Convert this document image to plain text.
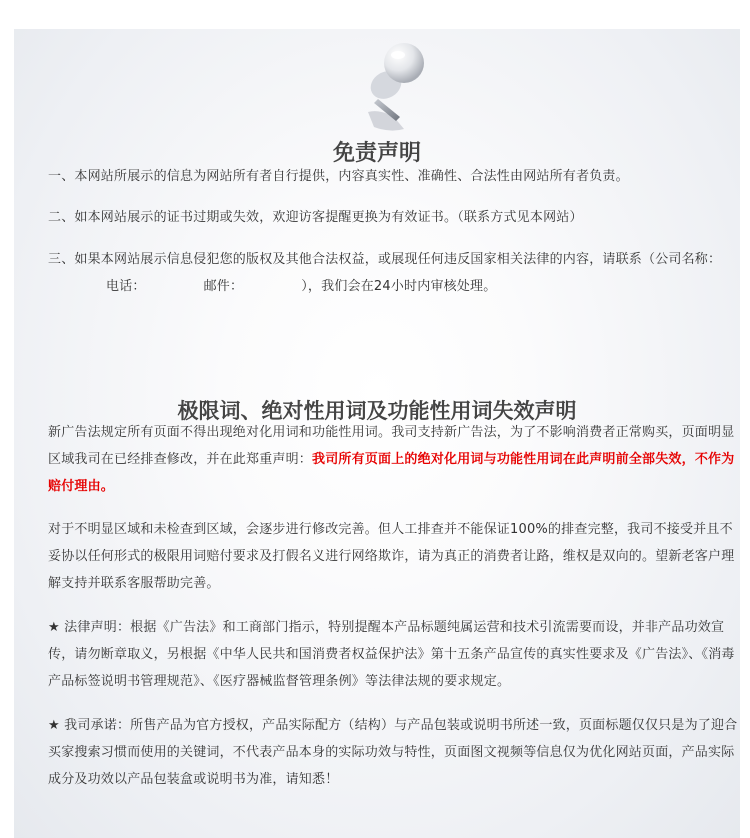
免责声明

一、本网站所展示的信息为网站所有者自行提供，内容真实性、准确性、合法性由网站所有者负责。

二、如本网站展示的证书过期或失效，欢迎访客提醒更换为有效证书。（联系方式见本网站）

三、如果本网站展示信息侵犯您的版权及其他合法权益，或展现任何违反国家相关法律的内容，请联系（公司名称：电话：	邮件：	），我们会在24小时内审核处理。

极限词、绝对性用词及功能性用词失效声明

新广告法规定所有页面不得出现绝对化用词和功能性用词。我司支持新广告法，为了不影响消费者正常购买，页面明显区域我司在已经排查修改，并在此郑重声明：我司所有页面上的绝对化用词与功能性用词在此声明前全部失效，不作为赔付理由。

对于不明显区域和未检查到区域，会逐步进行修改完善。但人工排查并不能保证100%的排查完整，我司不接受并且不妥协以任何形式的极限用词赔付要求及打假名义进行网络欺诈，请为真正的消费者让路，维权是双向的。望新老客户理解支持并联系客服帮助完善。

★ 法律声明：根据《广告法》和工商部门指示，特别提醒本产品标题纯属运营和技术引流需要而设，并非产品功效宣传，请勿断章取义，另根据《中华人民共和国消费者权益保护法》第十五条产品宣传的真实性要求及《广告法》、《消毒产品标签说明书管理规范》、《医疗器械监督管理条例》等法律法规的要求规定。

★ 我司承诺：所售产品为官方授权，产品实际配方（结构）与产品包装或说明书所述一致，页面标题仅仅只是为了迎合买家搜索习惯而使用的关键词，不代表产品本身的实际功效与特性，页面图文视频等信息仅为优化网站页面，产品实际成分及功效以产品包装盒或说明书为准，请知悉！
